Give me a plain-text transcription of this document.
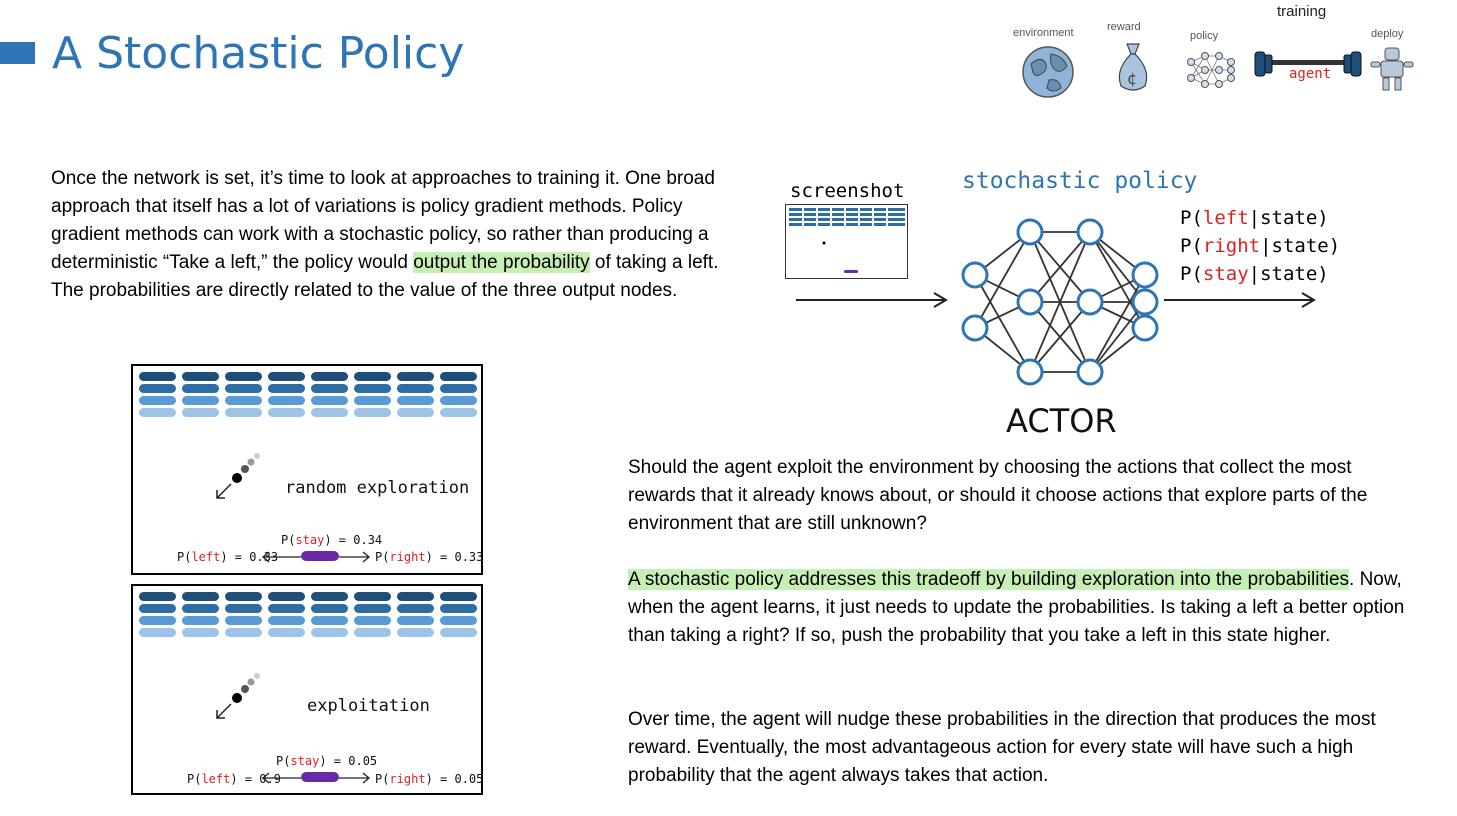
A Stochastic Policy	environment	reward
policy
training
deploy
¢	agent

Once the network is set, it’s time to look at approaches to training it. One broad approach that itself has a lot of variations is policy gradient methods. Policy gradient methods can work with a stochastic policy, so rather than producing a deterministic “Take a left,” the policy would output the probability of taking a left. The probabilities are directly related to the value of the three output nodes.

screenshot	stochastic policy
ACTOR
P(left|state)
P(right|state)
P(stay|state)
random exploration
P(stay) = 0.34
P(left) = 0.33	P(right) = 0.33
exploitation
P(stay) = 0.05
P(left) = 0.9	P(right) = 0.05

Should the agent exploit the environment by choosing the actions that collect the most rewards that it already knows about, or should it choose actions that explore parts of the environment that are still unknown?

A stochastic policy addresses this tradeoff by building exploration into the probabilities. Now, when the agent learns, it just needs to update the probabilities. Is taking a left a better option than taking a right? If so, push the probability that you take a left in this state higher.

Over time, the agent will nudge these probabilities in the direction that produces the most reward. Eventually, the most advantageous action for every state will have such a high probability that the agent always takes that action.
